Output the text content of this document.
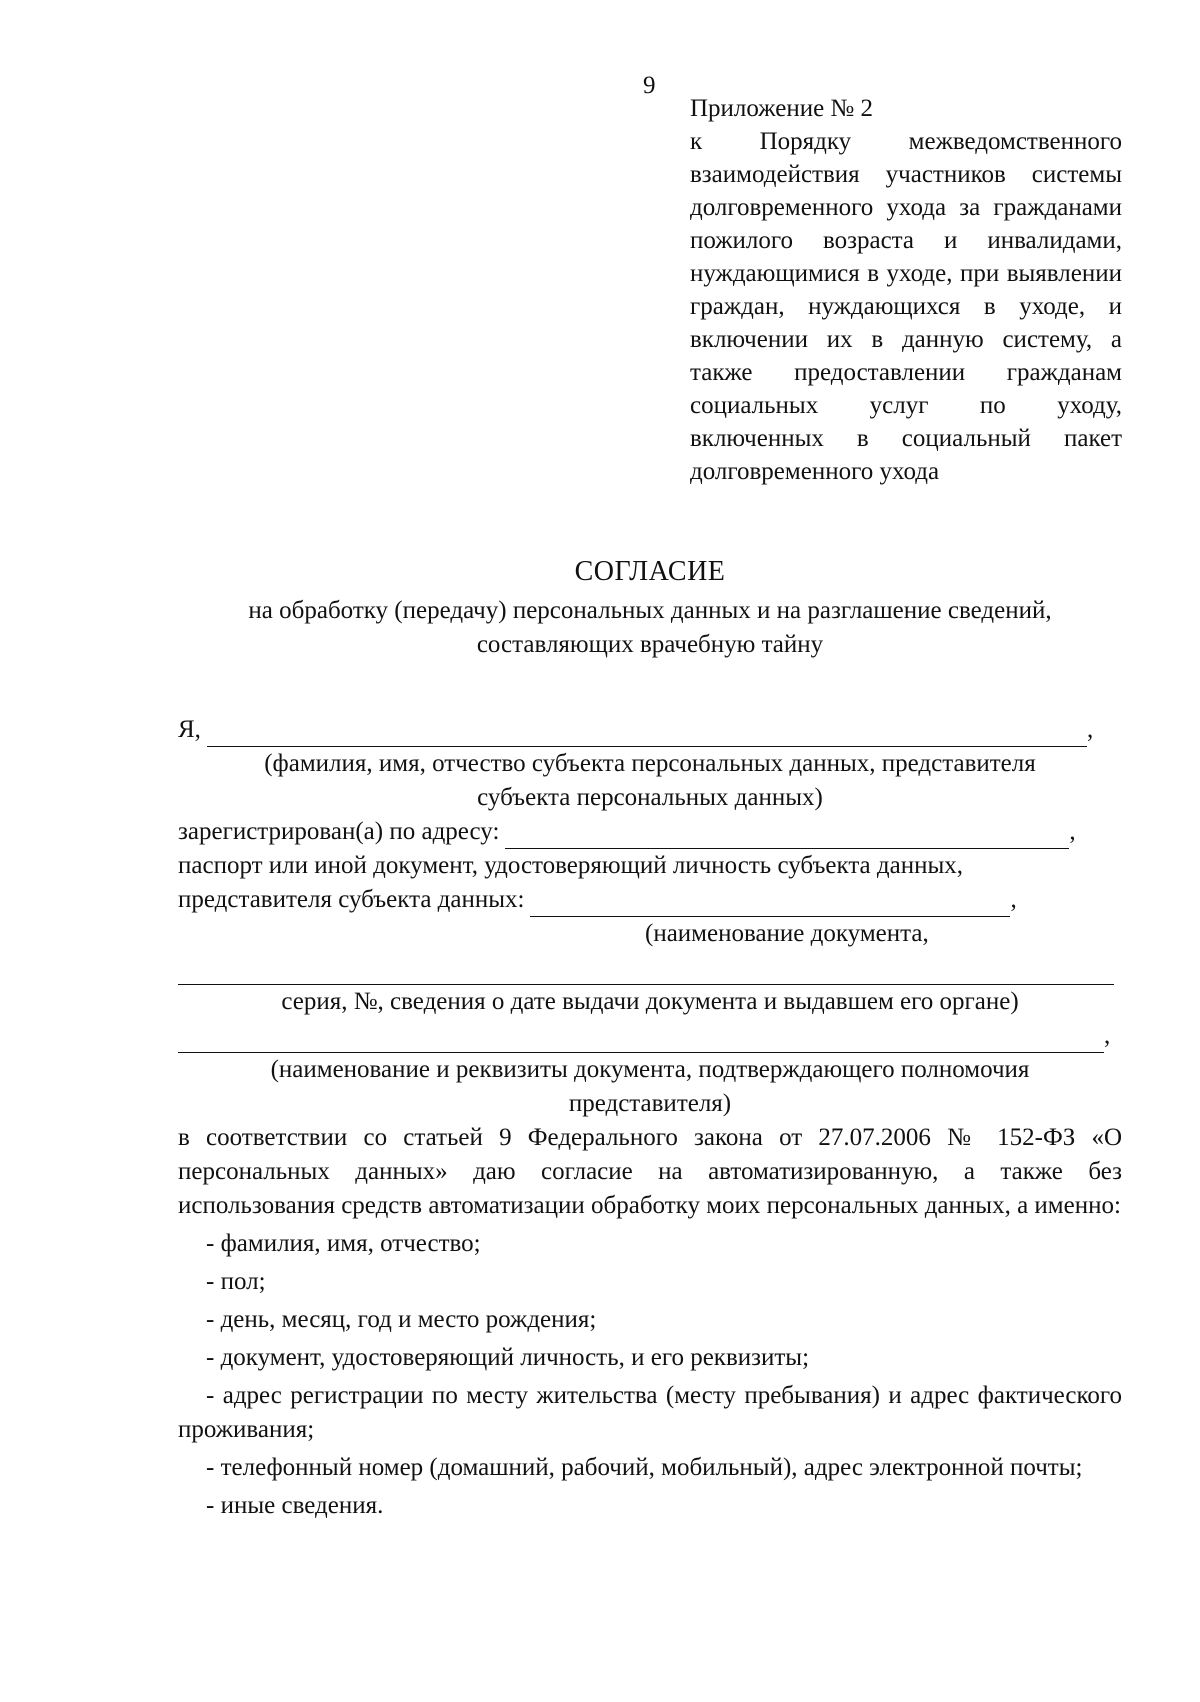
9
Приложение № 2
к Порядку межведомственного взаимодействия участников системы долговременного ухода за гражданами пожилого возраста и инвалидами, нуждающимися в уходе, при выявлении граждан, нуждающихся в уходе, и включении их в данную систему, а также предоставлении гражданам социальных услуг по уходу, включенных в социальный пакет долговременного ухода
СОГЛАСИЕ
на обработку (передачу) персональных данных и на разглашение сведений,
составляющих врачебную тайну
Я,	,
(фамилия, имя, отчество субъекта персональных данных, представителя
субъекта персональных данных)
зарегистрирован(а) по адресу:	,
паспорт или иной документ, удостоверяющий личность субъекта данных,
представителя субъекта данных:	,
(наименование документа,
серия, №, сведения о дате выдачи документа и выдавшем его органе)
,
(наименование и реквизиты документа, подтверждающего полномочия
представителя)
в соответствии со статьей 9 Федерального закона от 27.07.2006 № 152-ФЗ «О персональных данных» даю согласие на автоматизированную, а также без использования средств автоматизации обработку моих персональных данных, а именно:
- фамилия, имя, отчество;
- пол;
- день, месяц, год и место рождения;
- документ, удостоверяющий личность, и его реквизиты;
- адрес регистрации по месту жительства (месту пребывания) и адрес фактического проживания;
- телефонный номер (домашний, рабочий, мобильный), адрес электронной почты;
- иные сведения.
